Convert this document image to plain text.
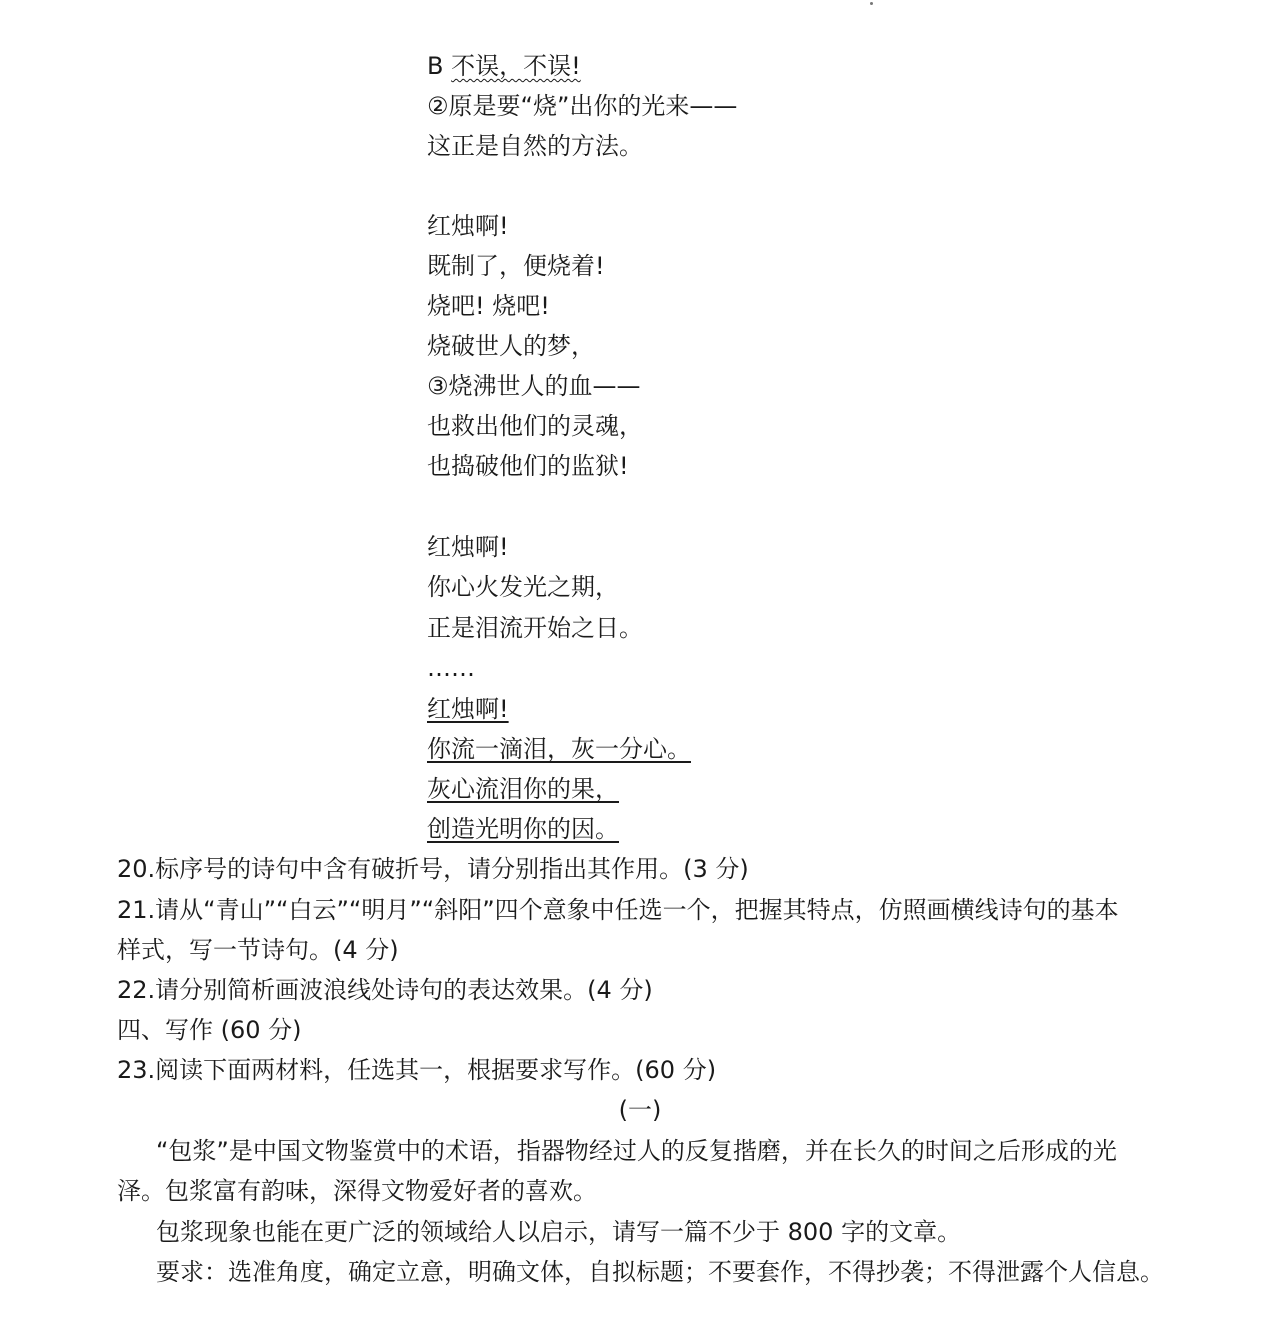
B 不误，不误!
②原是要“烧”出你的光来——
这正是自然的方法。
红烛啊!
既制了，便烧着!
烧吧! 烧吧!
烧破世人的梦，
③烧沸世人的血——
也救出他们的灵魂，
也捣破他们的监狱!
红烛啊!
你心火发光之期，
正是泪流开始之日。
……
红烛啊!
你流一滴泪，灰一分心。
灰心流泪你的果，
创造光明你的因。
20.标序号的诗句中含有破折号，请分别指出其作用。(3 分)
21.请从“青山”“白云”“明月”“斜阳”四个意象中任选一个，把握其特点，仿照画横线诗句的基本
样式，写一节诗句。(4 分)
22.请分别简析画波浪线处诗句的表达效果。(4 分)
四、写作 (60 分)
23.阅读下面两材料，任选其一，根据要求写作。(60 分)
(一)
“包浆”是中国文物鉴赏中的术语，指器物经过人的反复揩磨，并在长久的时间之后形成的光
泽。包浆富有韵味，深得文物爱好者的喜欢。
包浆现象也能在更广泛的领域给人以启示，请写一篇不少于 800 字的文章。
要求：选准角度，确定立意，明确文体，自拟标题；不要套作，不得抄袭；不得泄露个人信息。
